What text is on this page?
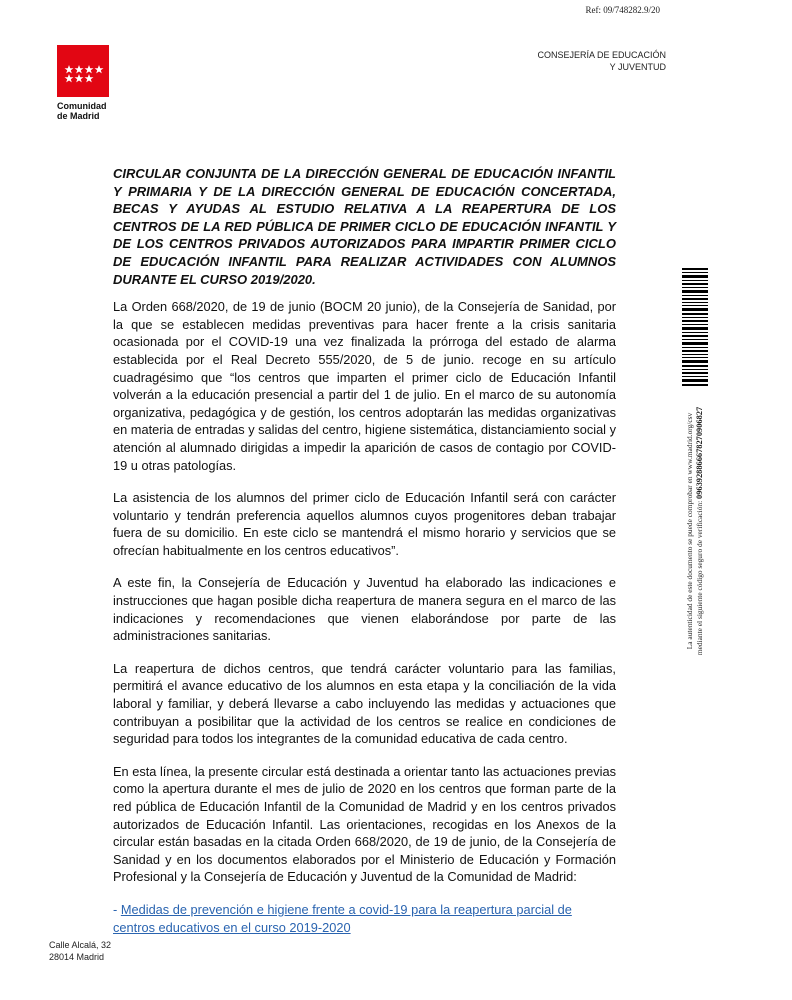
Ref: 09/748282.9/20
Comunidad
de Madrid
CONSEJERÍA DE EDUCACIÓN
Y JUVENTUD

CIRCULAR CONJUNTA DE LA DIRECCIÓN GENERAL DE EDUCACIÓN INFANTIL Y PRIMARIA Y DE LA DIRECCIÓN GENERAL DE EDUCACIÓN CONCERTADA, BECAS Y AYUDAS AL ESTUDIO RELATIVA A LA REAPERTURA DE LOS CENTROS DE LA RED PÚBLICA DE PRIMER CICLO DE EDUCACIÓN INFANTIL Y DE LOS CENTROS PRIVADOS AUTORIZADOS PARA IMPARTIR PRIMER CICLO DE EDUCACIÓN INFANTIL PARA REALIZAR ACTIVIDADES CON ALUMNOS DURANTE EL CURSO 2019/2020.

La Orden 668/2020, de 19 de junio (BOCM 20 junio), de la Consejería de Sanidad, por la que se establecen medidas preventivas para hacer frente a la crisis sanitaria ocasionada por el COVID-19 una vez finalizada la prórroga del estado de alarma establecida por el Real Decreto 555/2020, de 5 de junio. recoge en su artículo cuadragésimo que “los centros que imparten el primer ciclo de Educación Infantil volverán a la educación presencial a partir del 1 de julio. En el marco de su autonomía organizativa, pedagógica y de gestión, los centros adoptarán las medidas organizativas en materia de entradas y salidas del centro, higiene sistemática, distanciamiento social y atención al alumnado dirigidas a impedir la aparición de casos de contagio por COVID-19 u otras patologías.

La asistencia de los alumnos del primer ciclo de Educación Infantil será con carácter voluntario y tendrán preferencia aquellos alumnos cuyos progenitores deban trabajar fuera de su domicilio. En este ciclo se mantendrá el mismo horario y servicios que se ofrecían habitualmente en los centros educativos”.

A este fin, la Consejería de Educación y Juventud ha elaborado las indicaciones e instrucciones que hagan posible dicha reapertura de manera segura en el marco de las indicaciones y recomendaciones que vienen elaborándose por parte de las administraciones sanitarias.

La reapertura de dichos centros, que tendrá carácter voluntario para las familias, permitirá el avance educativo de los alumnos en esta etapa y la conciliación de la vida laboral y familiar, y deberá llevarse a cabo incluyendo las medidas y actuaciones que contribuyan a posibilitar que la actividad de los centros se realice en condiciones de seguridad para todos los integrantes de la comunidad educativa de cada centro.

En esta línea, la presente circular está destinada a orientar tanto las actuaciones previas como la apertura durante el mes de julio de 2020 en los centros que forman parte de la red pública de Educación Infantil de la Comunidad de Madrid y en los centros privados autorizados de Educación Infantil. Las orientaciones, recogidas en los Anexos de la circular están basadas en la citada Orden 668/2020, de 19 de junio, de la Consejería de Sanidad y en los documentos elaborados por el Ministerio de Educación y Formación Profesional y la Consejería de Educación y Juventud de la Comunidad de Madrid:

- Medidas de prevención e higiene frente a covid-19 para la reapertura parcial de centros educativos en el curso 2019-2020
La autenticidad de este documento se puede comprobar en www.madrid.org/csv mediante el siguiente código seguro de verificación: 0963928866678270906827
Calle Alcalá, 32
28014 Madrid
